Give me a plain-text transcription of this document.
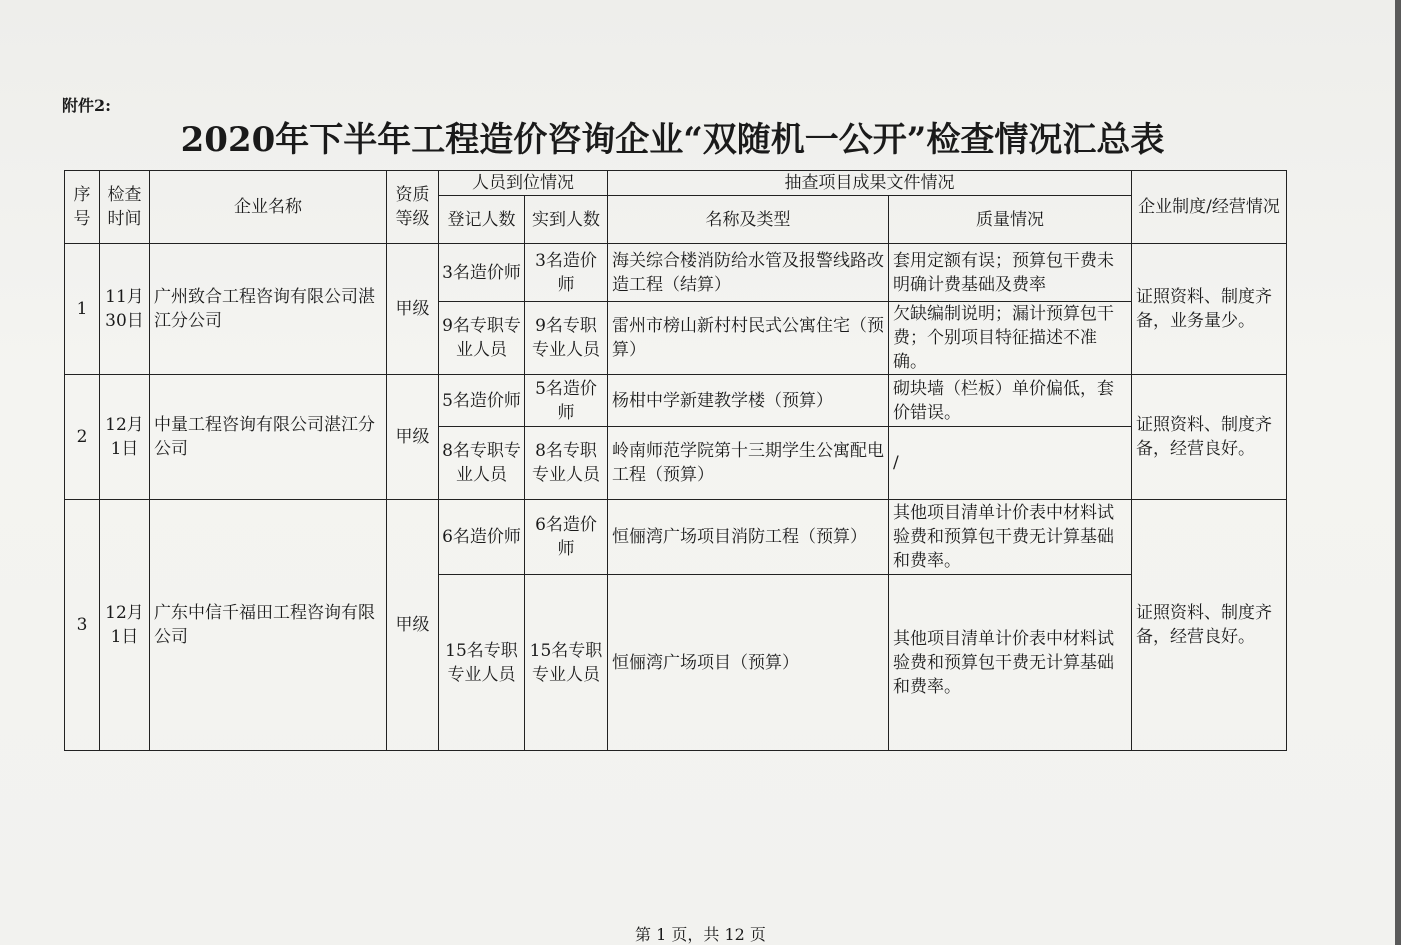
附件2:
2020年下半年工程造价咨询企业“双随机一公开”检查情况汇总表
序号	检查时间	企业名称	资质等级	人员到位情况		抽查项目成果文件情况		企业制度/经营情况
				登记人数	实到人数	名称及类型	质量情况	
1	11月30日	广州致合工程咨询有限公司湛江分公司	甲级	3名造价师	3名造价师	海关综合楼消防给水管及报警线路改造工程（结算）	套用定额有误；预算包干费未明确计费基础及费率	证照资料、制度齐备，业务量少。
				9名专职专业人员	9名专职专业人员	雷州市榜山新村村民式公寓住宅（预算）	欠缺编制说明；漏计预算包干费；个别项目特征描述不准确。	
2	12月1日	中量工程咨询有限公司湛江分公司	甲级	5名造价师	5名造价师	杨柑中学新建教学楼（预算）	砌块墙（栏板）单价偏低，套价错误。	证照资料、制度齐备，经营良好。
				8名专职专业人员	8名专职专业人员	岭南师范学院第十三期学生公寓配电工程（预算）	/	
3	12月1日	广东中信千福田工程咨询有限公司	甲级	6名造价师	6名造价师	恒俪湾广场项目消防工程（预算）	其他项目清单计价表中材料试验费和预算包干费无计算基础和费率。	证照资料、制度齐备，经营良好。
				15名专职专业人员	15名专职专业人员	恒俪湾广场项目（预算）	其他项目清单计价表中材料试验费和预算包干费无计算基础和费率。	
第 1 页，共 12 页
